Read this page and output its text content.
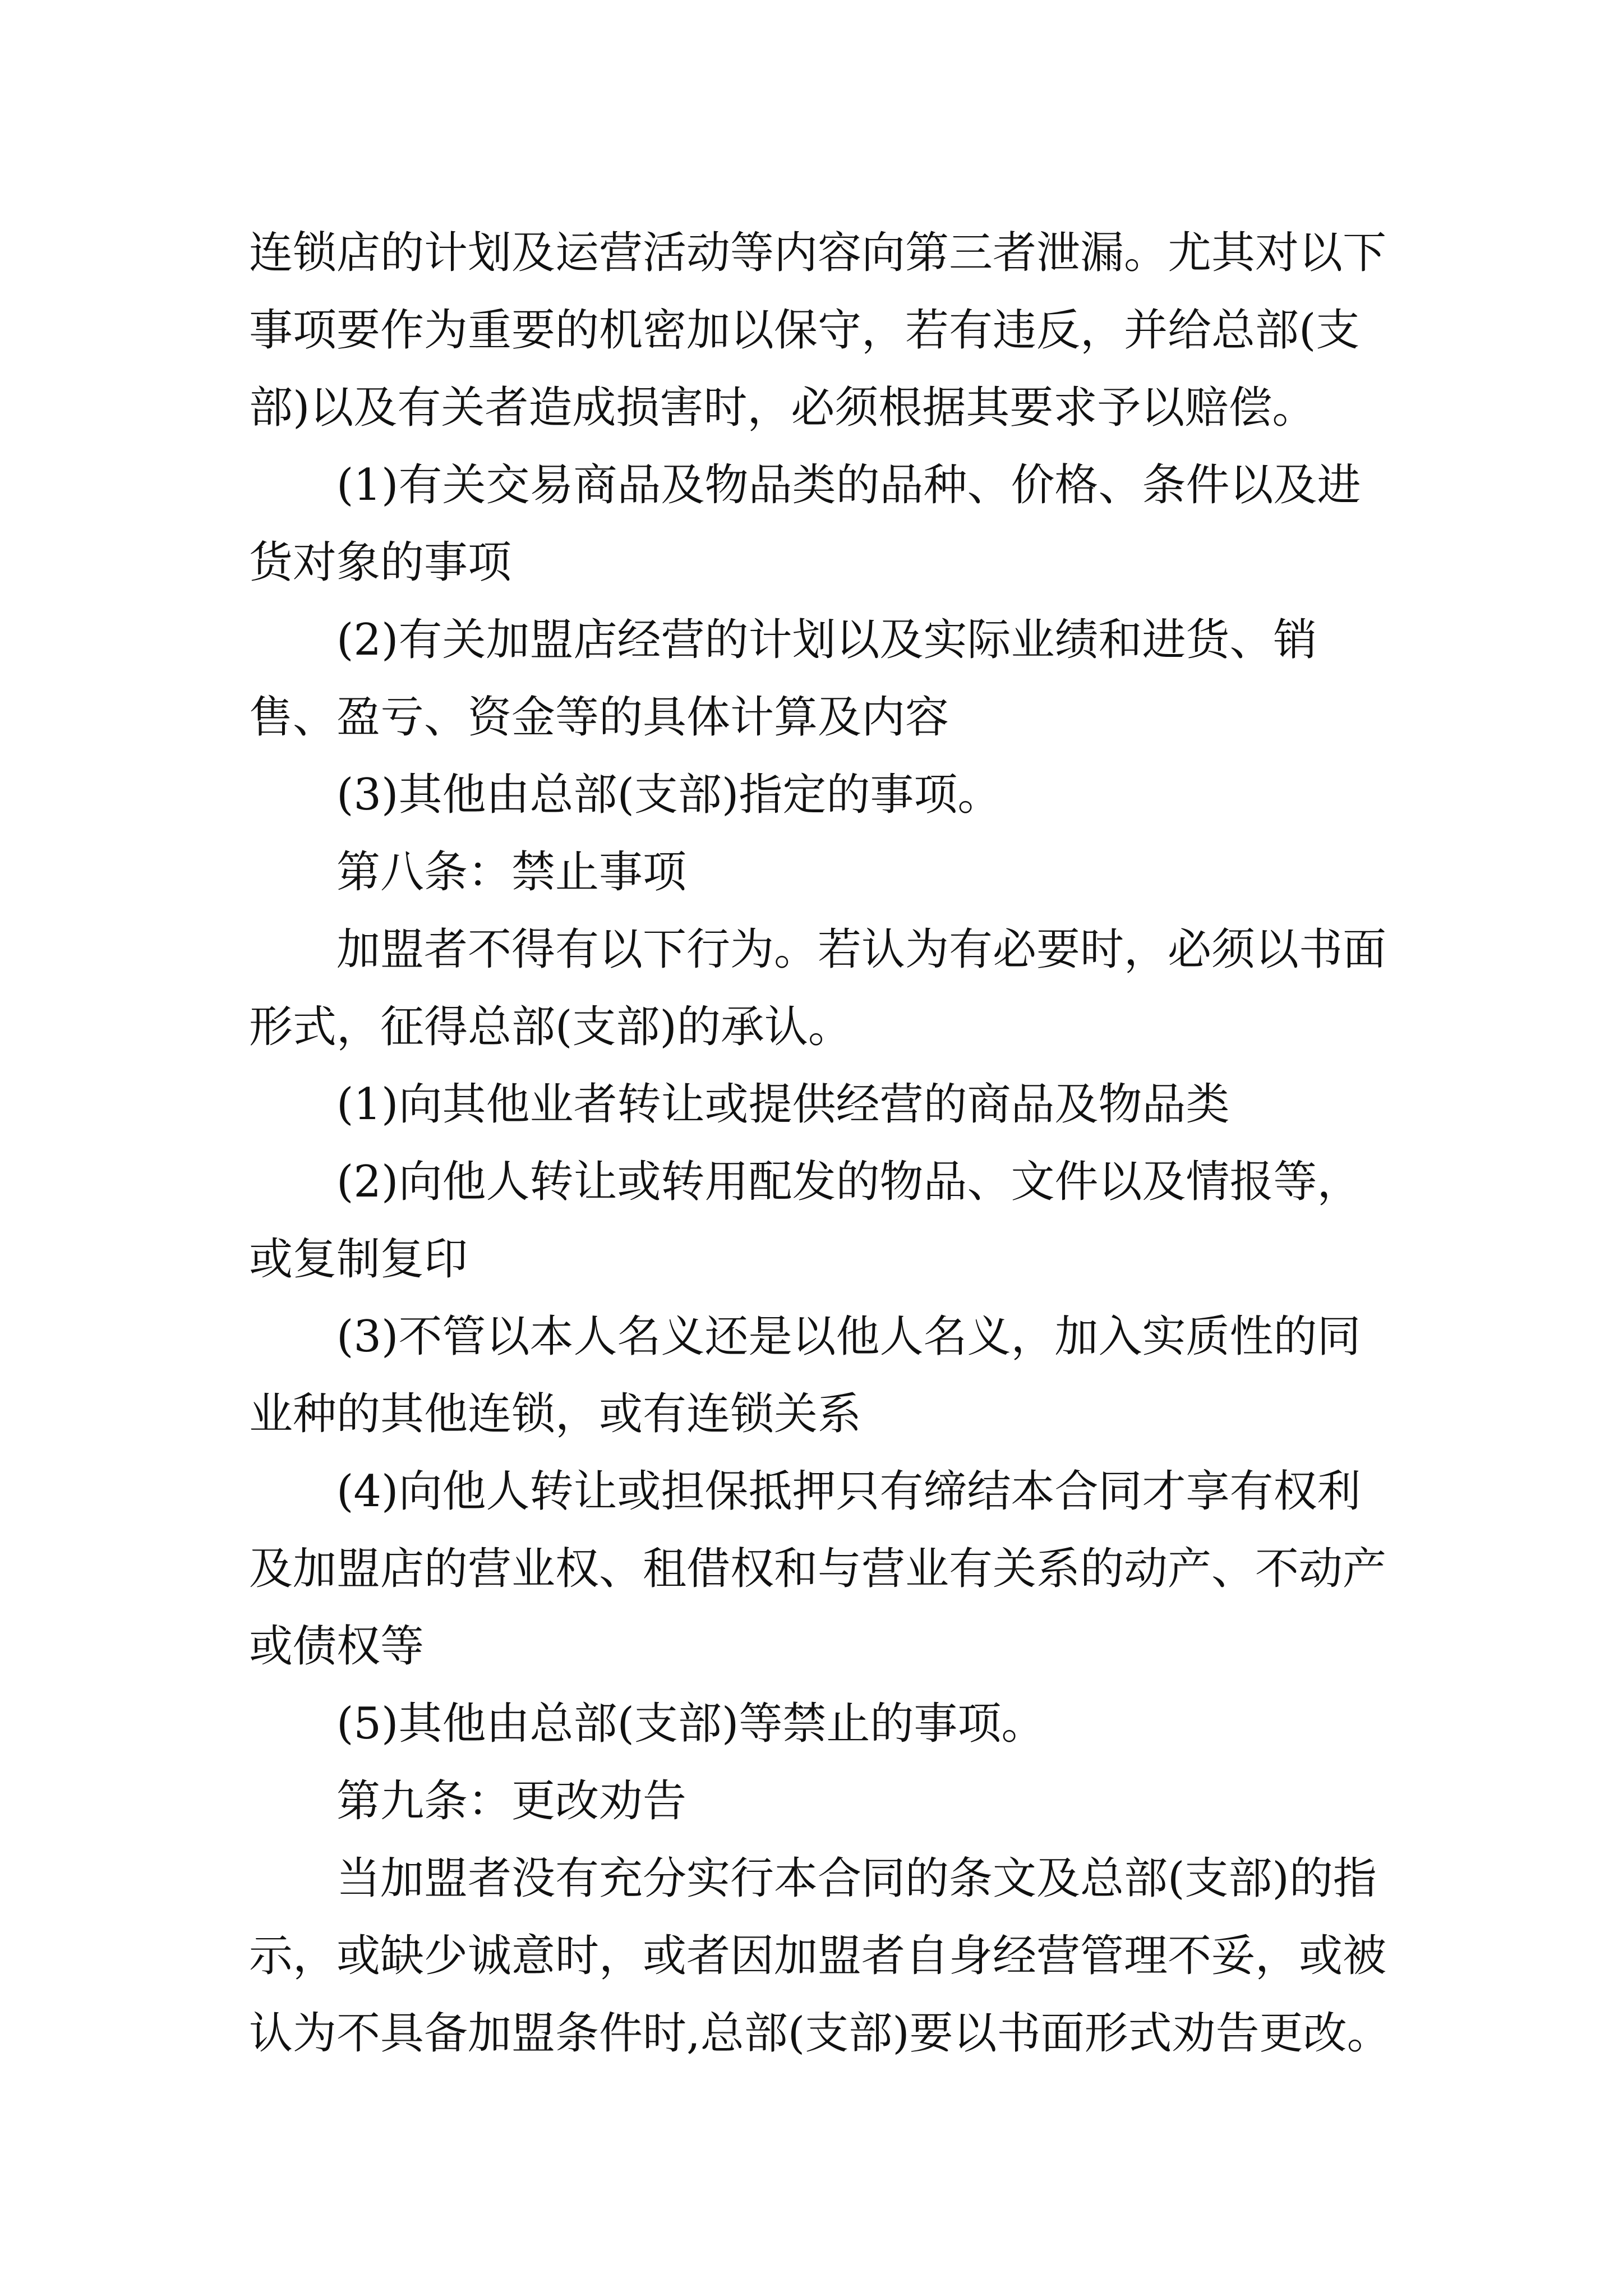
连锁店的计划及运营活动等内容向第三者泄漏。尤其对以下事项要作为重要的机密加以保守，若有违反，并给总部(支部)以及有关者造成损害时，必须根据其要求予以赔偿。

(1)有关交易商品及物品类的品种、价格、条件以及进货对象的事项

(2)有关加盟店经营的计划以及实际业绩和进货、销售、盈亏、资金等的具体计算及内容

(3)其他由总部(支部)指定的事项。

第八条：禁止事项

加盟者不得有以下行为。若认为有必要时，必须以书面形式，征得总部(支部)的承认。

(1)向其他业者转让或提供经营的商品及物品类

(2)向他人转让或转用配发的物品、文件以及情报等，或复制复印

(3)不管以本人名义还是以他人名义，加入实质性的同业种的其他连锁，或有连锁关系

(4)向他人转让或担保抵押只有缔结本合同才享有权利及加盟店的营业权、租借权和与营业有关系的动产、不动产或债权等

(5)其他由总部(支部)等禁止的事项。

第九条：更改劝告

当加盟者没有充分实行本合同的条文及总部(支部)的指示，或缺少诚意时，或者因加盟者自身经营管理不妥，或被认为不具备加盟条件时,总部(支部)要以书面形式劝告更改。
